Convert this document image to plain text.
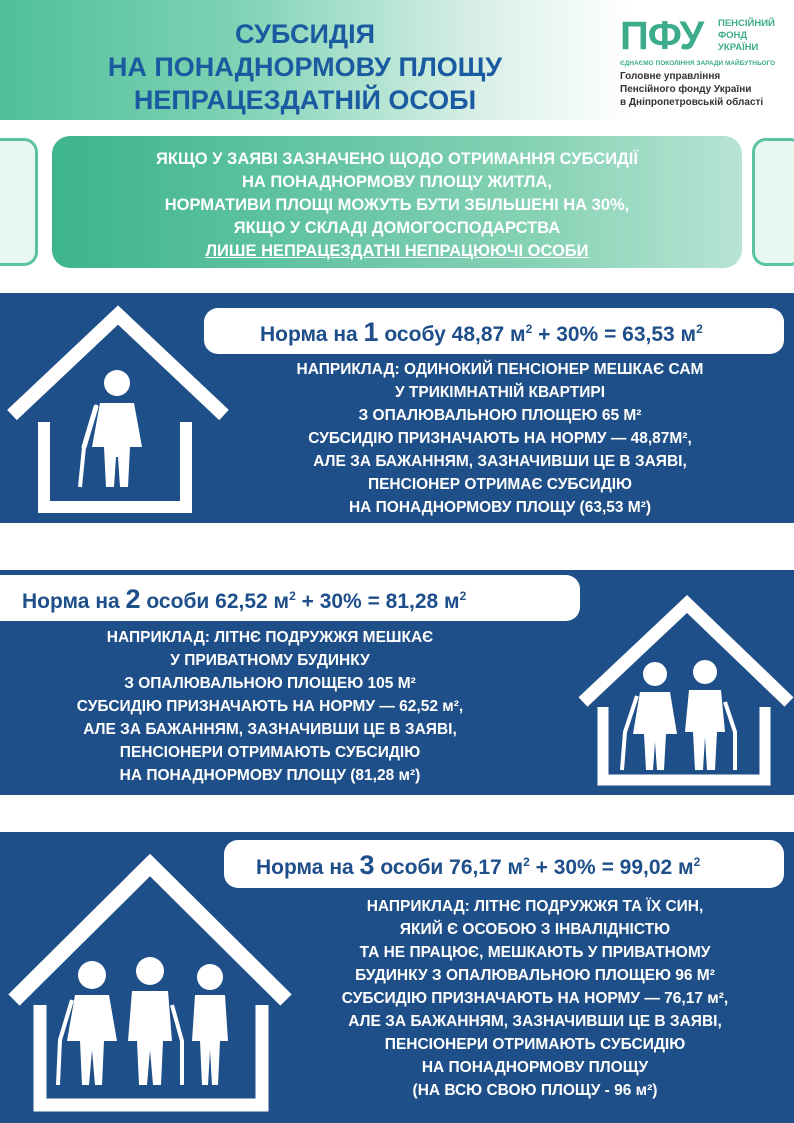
СУБСИДІЯ
НА ПОНАДНОРМОВУ ПЛОЩУ
НЕПРАЦЕЗДАТНІЙ ОСОБІ
ПФУ ПЕНСІЙНИЙ
ФОНД
УКРАЇНИ
ЄДНАЄМО ПОКОЛІННЯ ЗАРАДИ МАЙБУТНЬОГО
Головне управління
Пенсійного фонду України
в Дніпропетровській області
ЯКЩО У ЗАЯВІ ЗАЗНАЧЕНО ЩОДО ОТРИМАННЯ СУБСИДІЇ
НА ПОНАДНОРМОВУ ПЛОЩУ ЖИТЛА,
НОРМАТИВИ ПЛОЩІ МОЖУТЬ БУТИ ЗБІЛЬШЕНІ НА 30%,
ЯКЩО У СКЛАДІ ДОМОГОСПОДАРСТВА
ЛИШЕ НЕПРАЦЕЗДАТНІ НЕПРАЦЮЮЧІ ОСОБИ
Норма на 1 особу 48,87 $м^2 + 30\% = 63,53$ $м^2$
НАПРИКЛАД: ОДИНОКИЙ ПЕНСІОНЕР МЕШКАЄ САМ
У ТРИКІМНАТНІЙ КВАРТИРІ
З ОПАЛЮВАЛЬНОЮ ПЛОЩЕЮ 65 М²
СУБСИДІЮ ПРИЗНАЧАЮТЬ НА НОРМУ — 48,87М²,
АЛЕ ЗА БАЖАННЯМ, ЗАЗНАЧИВШИ ЦЕ В ЗАЯВІ,
ПЕНСІОНЕР ОТРИМАЄ СУБСИДІЮ
НА ПОНАДНОРМОВУ ПЛОЩУ (63,53 М²)
Норма на 2 особи 62,52 $м^2 + 30\% = 81,28$ $м^2$
НАПРИКЛАД: ЛІТНЄ ПОДРУЖЖЯ МЕШКАЄ
У ПРИВАТНОМУ БУДИНКУ
З ОПАЛЮВАЛЬНОЮ ПЛОЩЕЮ 105 М²
СУБСИДІЮ ПРИЗНАЧАЮТЬ НА НОРМУ — 62,52 м²,
АЛЕ ЗА БАЖАННЯМ, ЗАЗНАЧИВШИ ЦЕ В ЗАЯВІ,
ПЕНСІОНЕРИ ОТРИМАЮТЬ СУБСИДІЮ
НА ПОНАДНОРМОВУ ПЛОЩУ (81,28 м²)
Норма на 3 особи 76,17 $м^2 + 30\% = 99,02$ $м^2$
НАПРИКЛАД: ЛІТНЄ ПОДРУЖЖЯ ТА ЇХ СИН,
ЯКИЙ Є ОСОБОЮ З ІНВАЛІДНІСТЮ
ТА НЕ ПРАЦЮЄ, МЕШКАЮТЬ У ПРИВАТНОМУ
БУДИНКУ З ОПАЛЮВАЛЬНОЮ ПЛОЩЕЮ 96 М²
СУБСИДІЮ ПРИЗНАЧАЮТЬ НА НОРМУ — 76,17 м²,
АЛЕ ЗА БАЖАННЯМ, ЗАЗНАЧИВШИ ЦЕ В ЗАЯВІ,
ПЕНСІОНЕРИ ОТРИМАЮТЬ СУБСИДІЮ
НА ПОНАДНОРМОВУ ПЛОЩУ
(НА ВСЮ СВОЮ ПЛОЩУ - 96 м²)
